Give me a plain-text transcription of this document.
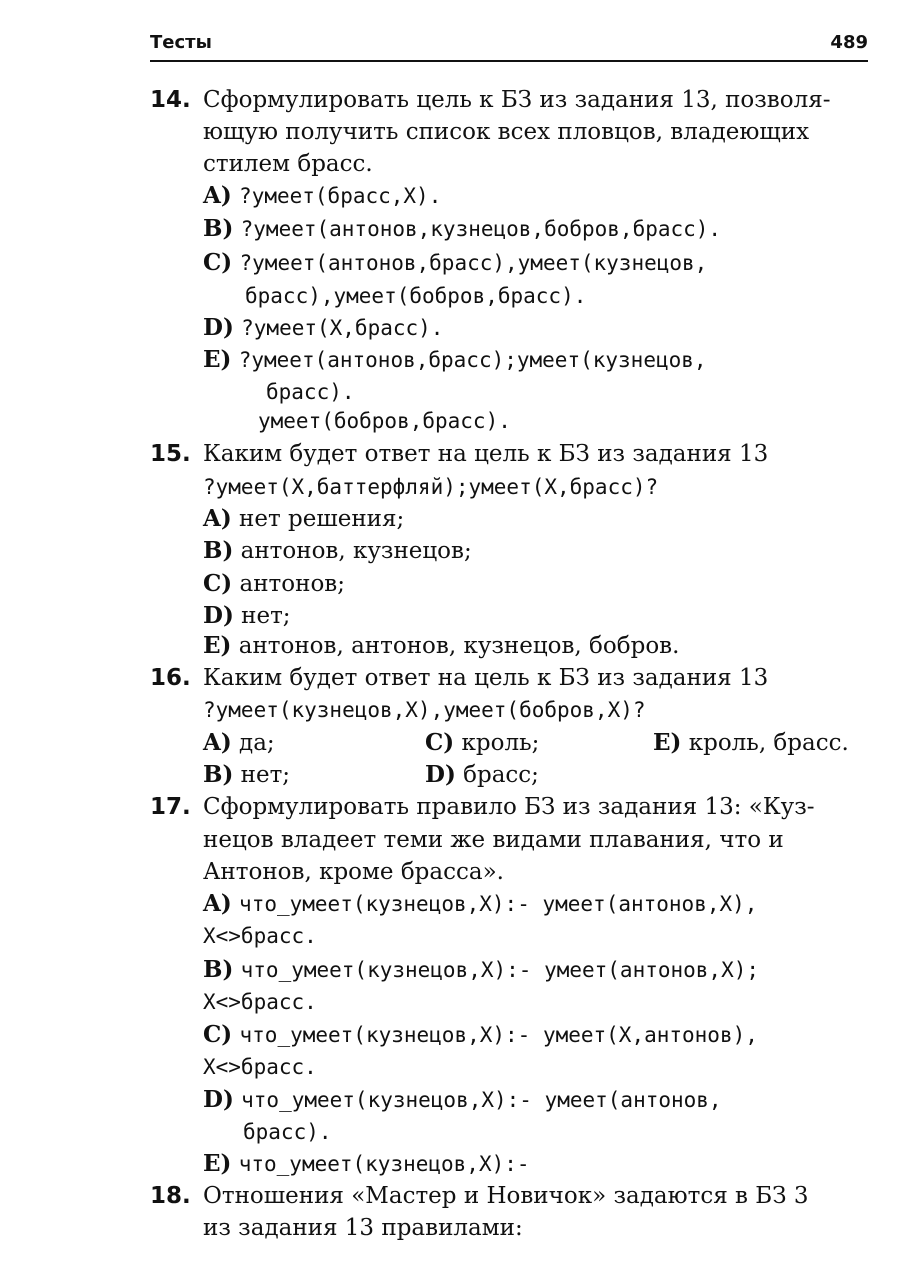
Тесты	489
14. Сформулировать цель к БЗ из задания 13, позволя-
ющую получить список всех пловцов, владеющих
стилем брасс.
A) ?умеет(брасс,X).
B) ?умеет(антонов,кузнецов,бобров,брасс).
C) ?умеет(антонов,брасс),умеет(кузнецов,
брасс),умеет(бобров,брасс).
D) ?умеет(X,брасс).
E) ?умеет(антонов,брасс);умеет(кузнецов,
брасс).
умеет(бобров,брасс).
15. Каким будет ответ на цель к БЗ из задания 13
?умеет(X,баттерфляй);умеет(X,брасс)?
A) нет решения;
B) антонов, кузнецов;
C) антонов;
D) нет;
E) антонов, антонов, кузнецов, бобров.
16. Каким будет ответ на цель к БЗ из задания 13
?умеет(кузнецов,X),умеет(бобров,X)?
A) да;	C) кроль;	E) кроль, брасс.
B) нет;	D) брасс;
17. Сформулировать правило БЗ из задания 13: «Куз-
нецов владеет теми же видами плавания, что и
Антонов, кроме брасса».
A) что_умеет(кузнецов,X):- умеет(антонов,X),
X<>брасс.
B) что_умеет(кузнецов,X):- умеет(антонов,X);
X<>брасс.
C) что_умеет(кузнецов,X):- умеет(X,антонов),
X<>брасс.
D) что_умеет(кузнецов,X):- умеет(антонов,
брасс).
E) что_умеет(кузнецов,X):-
18. Отношения «Мастер и Новичок» задаются в БЗ 3
из задания 13 правилами:
